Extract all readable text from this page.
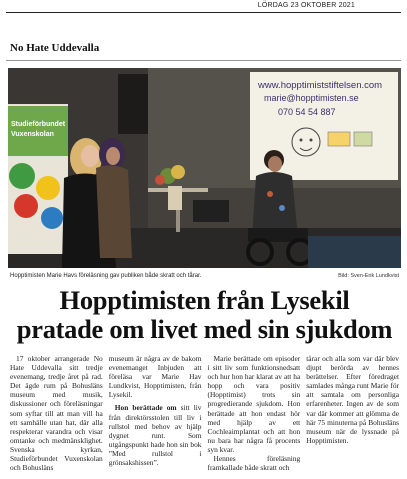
LÖRDAG 23 OKTOBER 2021
No Hate Uddevalla
Studieförbundet
Vuxenskolan
www.hopptimiststiftelsen.com
marie@hopptimisten.se
070 54 54 887
Hopptimisten Marie Havs föreläsning gav publiken både skratt och tårar.	Bild: Sven-Erik Lundkvist
Hopptimisten från Lysekil
pratade om livet med sin sjukdom

17 oktober arrangerade No Hate Uddevalla sitt tredje evenemang, tredje året på rad. Det ägde rum på Bohusläns museum med musik, diskussioner och föreläsningar som syftar till att man vill ha ett samhälle utan hat, där alla respekterar varandra och visar omtanke och medmänsklighet. Svenska kyrkan, Studieförbundet Vuxenskolan och Bohusläns

museum är några av de bakom evenemanget Inbjuden att föreläsa var Marie Hav Lundkvist, Hopptimisten, från Lysekil.

Hon berättade om sitt liv från direktörsstolen till liv i rullstol med behov av hjälp dygnet runt. Som utgångspunkt hade hon sin bok ”Med rullstol i grönsakshissen”.

Marie berättade om episoder i sitt liv som funktionsnedsatt och hur hon har klarat av att ha hopp och vara positiv (Hopptimist) trots sin progredierande sjukdom. Hon berättade att hon endast hör med hjälp av ett Cochleaimplantat och att hon nu bara har några få procents syn kvar.

Hennes föreläsning framkallade både skratt och

tårar och alla som var där blev djupt berörda av hennes berättelser. Efter föredraget samlades många runt Marie för att samtala om personliga erfarenheter. Ingen av de som var där kommer att glömma de här 75 minuterna på Bohusläns museum när de lyssnade på Hopptimisten.
